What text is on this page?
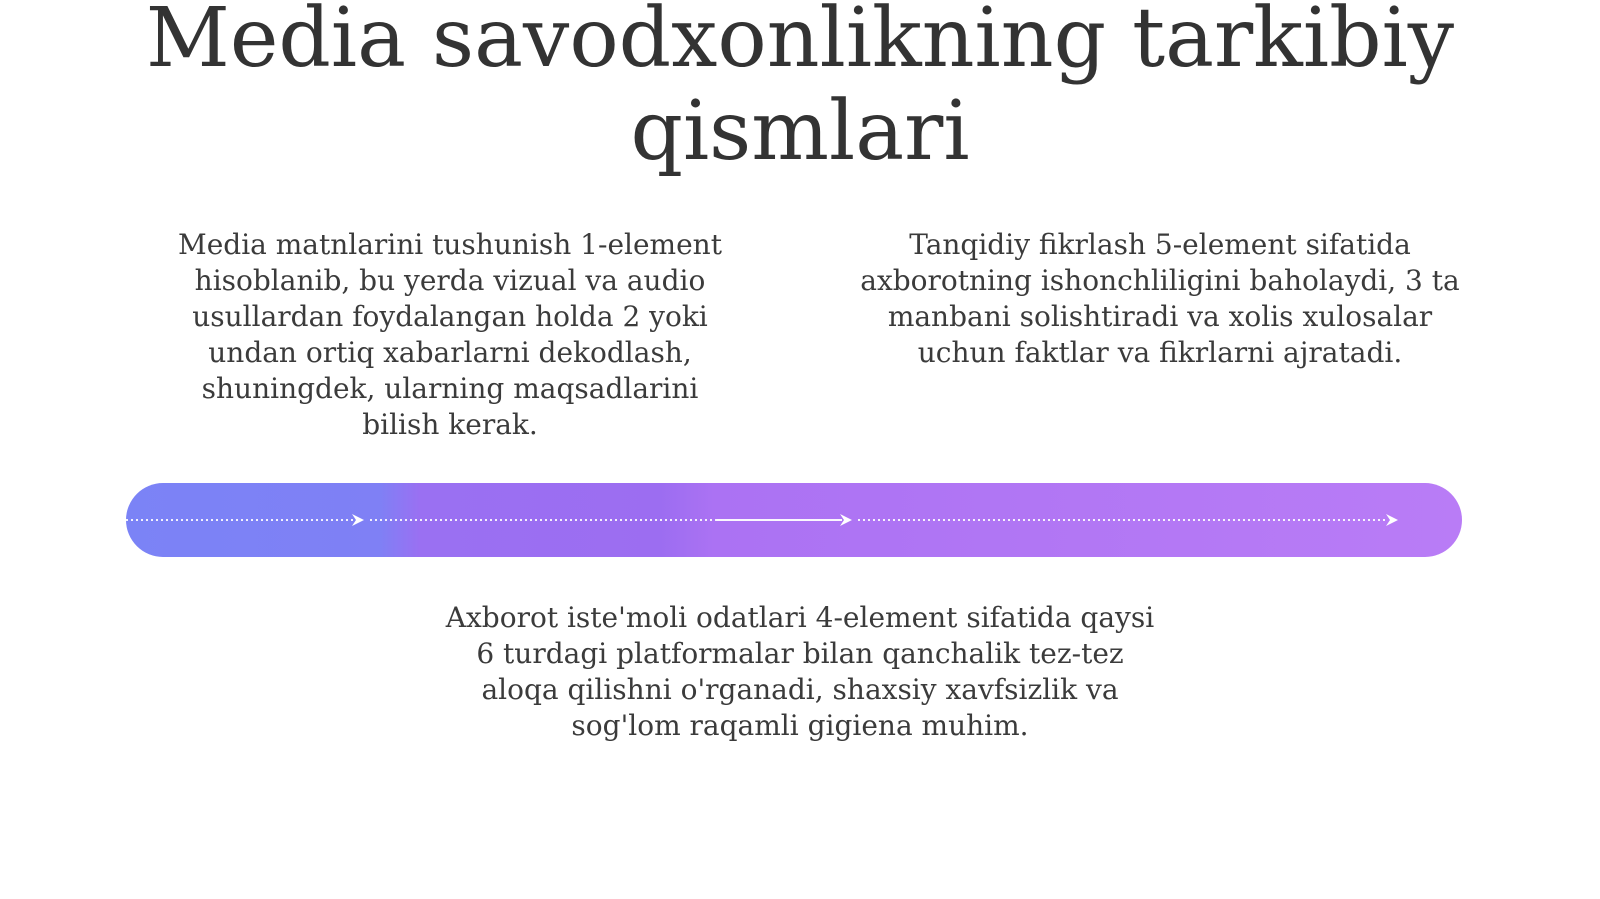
Media savodxonlikning tarkibiy qismlari

Media matnlarini tushunish 1-element hisoblanib, bu yerda vizual va audio usullardan foydalangan holda 2 yoki undan ortiq xabarlarni dekodlash, shuningdek, ularning maqsadlarini bilish kerak.

Tanqidiy fikrlash 5-element sifatida axborotning ishonchliligini baholaydi, 3 ta manbani solishtiradi va xolis xulosalar uchun faktlar va fikrlarni ajratadi.

Axborot iste'moli odatlari 4-element sifatida qaysi 6 turdagi platformalar bilan qanchalik tez-tez aloqa qilishni o'rganadi, shaxsiy xavfsizlik va sog'lom raqamli gigiena muhim.
